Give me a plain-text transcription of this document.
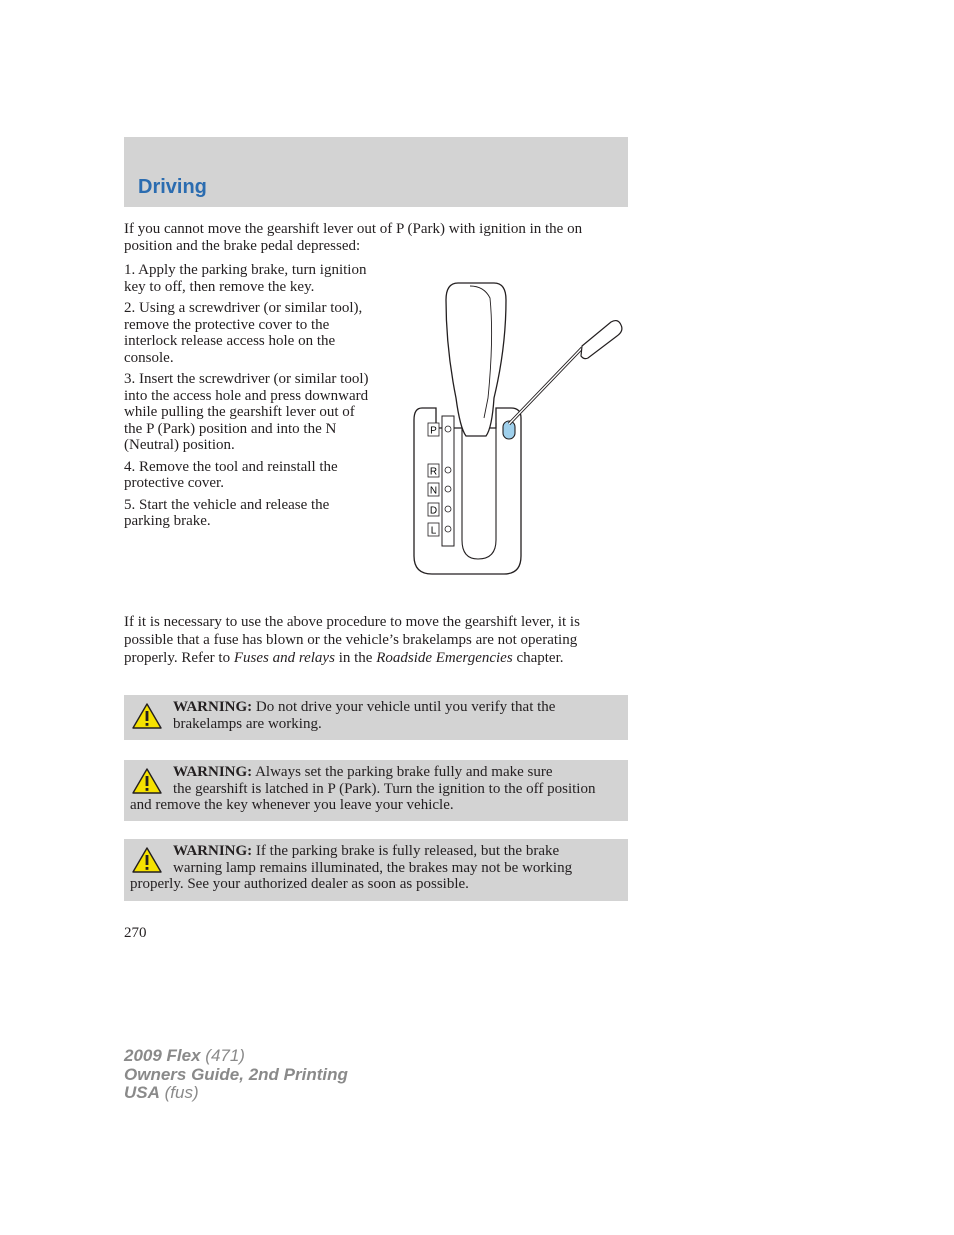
Driving
If you cannot move the gearshift lever out of P (Park) with ignition in the on position and the brake pedal depressed:

1. Apply the parking brake, turn ignition key to off, then remove the key.

2. Using a screwdriver (or similar tool), remove the protective cover to the interlock release access hole on the console.

3. Insert the screwdriver (or similar tool) into the access hole and press downward while pulling the gearshift lever out of the P (Park) position and into the N (Neutral) position.

4. Remove the tool and reinstall the protective cover.

5. Start the vehicle and release the parking brake.

P
R
N
D
L
If it is necessary to use the above procedure to move the gearshift lever, it is possible that a fuse has blown or the vehicle’s brakelamps are not operating properly. Refer to Fuses and relays in the Roadside Emergencies chapter.
WARNING: Do not drive your vehicle until you verify that the
brakelamps are working.
WARNING: Always set the parking brake fully and make sure
the gearshift is latched in P (Park). Turn the ignition to the off position and remove the key whenever you leave your vehicle.
WARNING: If the parking brake is fully released, but the brake
warning lamp remains illuminated, the brakes may not be working properly. See your authorized dealer as soon as possible.
270
2009 Flex (471)
Owners Guide, 2nd Printing
USA (fus)
